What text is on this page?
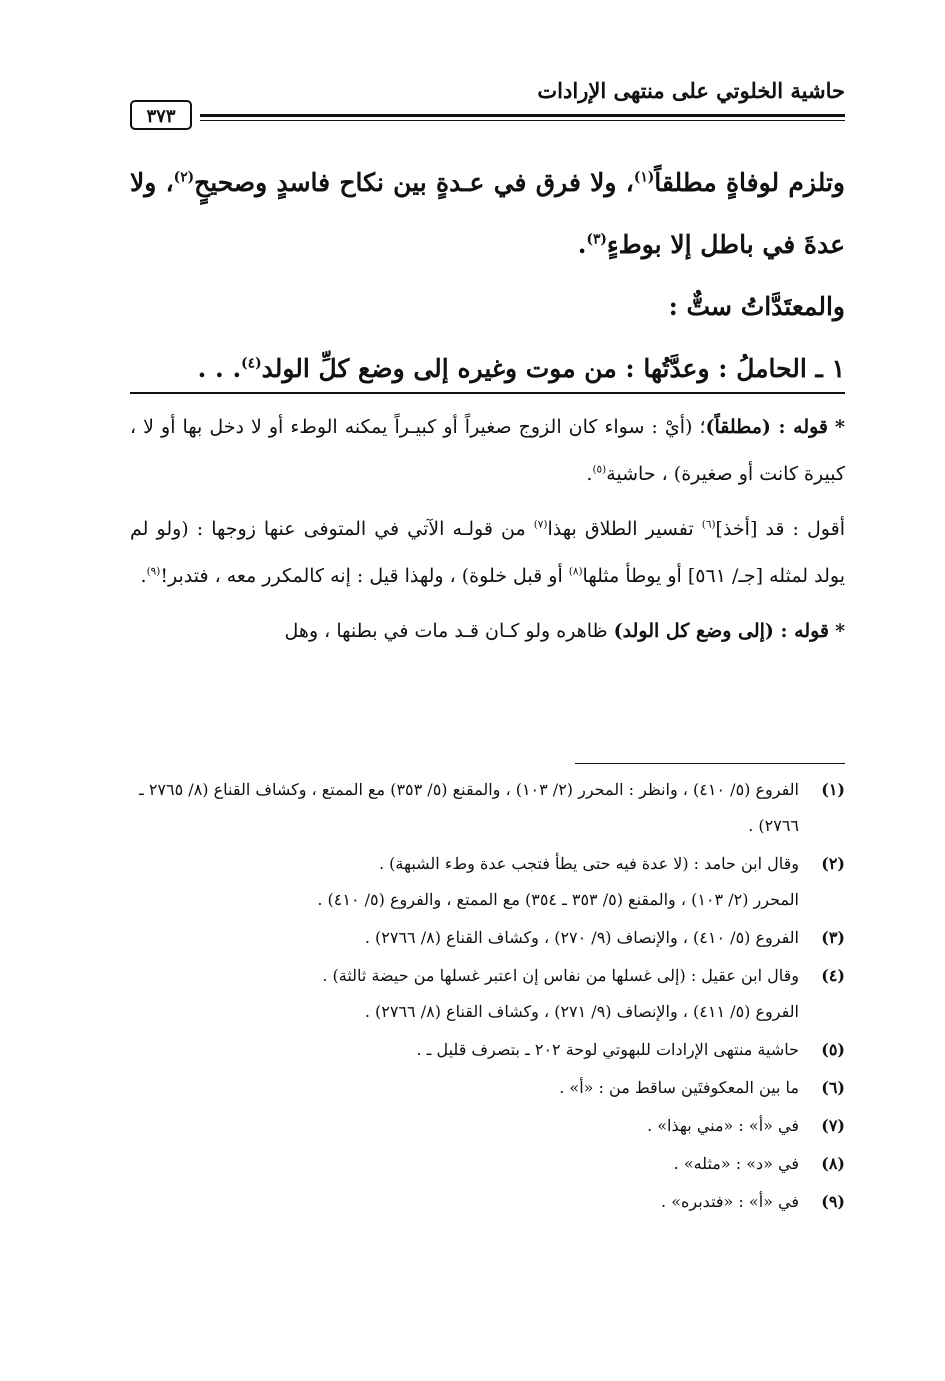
حاشية الخلوتي على منتهى الإرادات
٣٧٣

وتلزم لوفاةٍ مطلقاً$^{(١)}$، ولا فرق في عـدةٍ بين نكاح فاسدٍ وصحيحٍ$^{(٢)}$، ولا عدةَ في باطل إلا بوطءٍ$^{(٣)}$.

والمعتَدَّاتُ ستٌّ :

١ ـ الحاملُ : وعدَّتُها : من موت وغيره إلى وضع كلِّ الولد$^{(٤)}$. . .

* قوله : (مطلقاً)؛ (أيْ : سواء كان الزوج صغيراً أو كبيـراً يمكنه الوطء أو لا دخل بها أو لا ، كبيرة كانت أو صغيرة) ، حاشية$^{(٥)}$.

أقول : قد [أخذ]$^{(٦)}$ تفسير الطلاق بهذا$^{(٧)}$ من قولـه الآتي في المتوفى عنها زوجها : (ولو لم يولد لمثله [جـ/ ٥٦١] أو يوطأ مثلها$^{(٨)}$ أو قبل خلوة) ، ولهذا قيل : إنه كالمكرر معه ، فتدبر!$^{(٩)}$.

* قوله : (إلى وضع كل الولد) ظاهره ولو كـان قـد مات في بطنها ، وهل

(١)
الفروع (٥/ ٤١٠) ، وانظر : المحرر (٢/ ١٠٣) ، والمقنع (٥/ ٣٥٣) مع الممتع ، وكشاف القناع (٨/ ٢٧٦٥ ـ ٢٧٦٦) .
(٢)
وقال ابن حامد : (لا عدة فيه حتى يطأ فتجب عدة وطء الشبهة) .
المحرر (٢/ ١٠٣) ، والمقنع (٥/ ٣٥٣ ـ ٣٥٤) مع الممتع ، والفروع (٥/ ٤١٠) .
(٣)
الفروع (٥/ ٤١٠) ، والإنصاف (٩/ ٢٧٠) ، وكشاف القناع (٨/ ٢٧٦٦) .
(٤)
وقال ابن عقيل : (إلى غسلها من نفاس إن اعتبر غسلها من حيضة ثالثة) .
الفروع (٥/ ٤١١) ، والإنصاف (٩/ ٢٧١) ، وكشاف القناع (٨/ ٢٧٦٦) .
(٥)
حاشية منتهى الإرادات للبهوتي لوحة ٢٠٢ ـ بتصرف قليل ـ .
(٦)
ما بين المعكوفتَين ساقط من : «أ» .
(٧)
في «أ» : «مني بهذا» .
(٨)
في «د» : «مثله» .
(٩)
في «أ» : «فتدبره» .
